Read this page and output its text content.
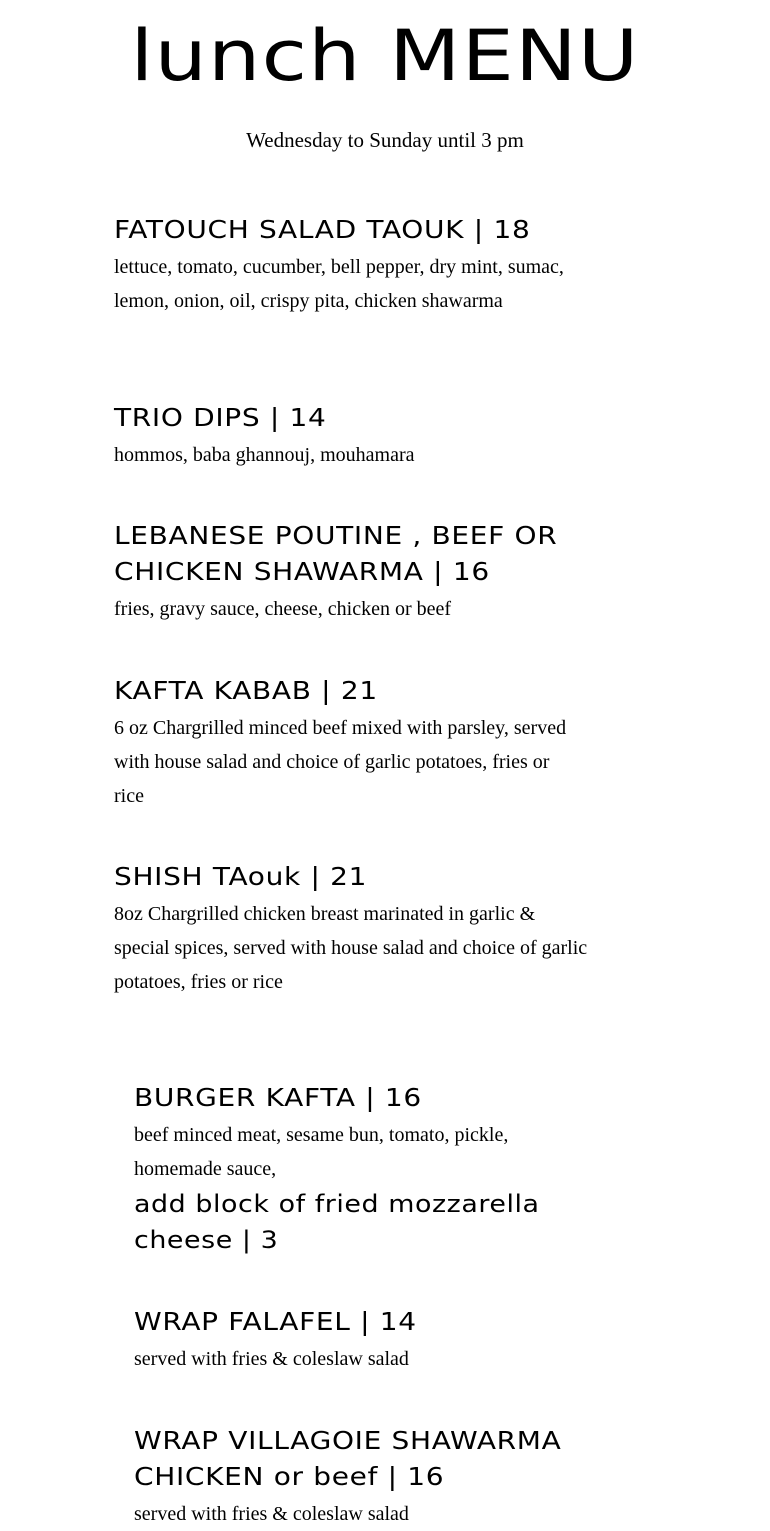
lunch MENU

Wednesday to Sunday until 3 pm

FATOUCH SALAD TAOUK | 18

lettuce, tomato, cucumber, bell pepper, dry mint, sumac, lemon, onion, oil, crispy pita, chicken shawarma

TRIO DIPS | 14

hommos, baba ghannouj, mouhamara

LEBANESE POUTINE , BEEF OR CHICKEN SHAWARMA | 16

fries, gravy sauce, cheese, chicken or beef

KAFTA KABAB | 21

6 oz Chargrilled minced beef mixed with parsley, served with house salad and choice of garlic potatoes, fries or rice

SHISH TAouk | 21

8oz Chargrilled chicken breast marinated in garlic & special spices, served with house salad and choice of garlic potatoes, fries or rice

BURGER KAFTA | 16

beef minced meat, sesame bun, tomato, pickle, homemade sauce,

add block of fried mozzarella cheese | 3

WRAP FALAFEL | 14

served with fries & coleslaw salad

WRAP VILLAGOIE SHAWARMA CHICKEN or beef | 16

served with fries & coleslaw salad
